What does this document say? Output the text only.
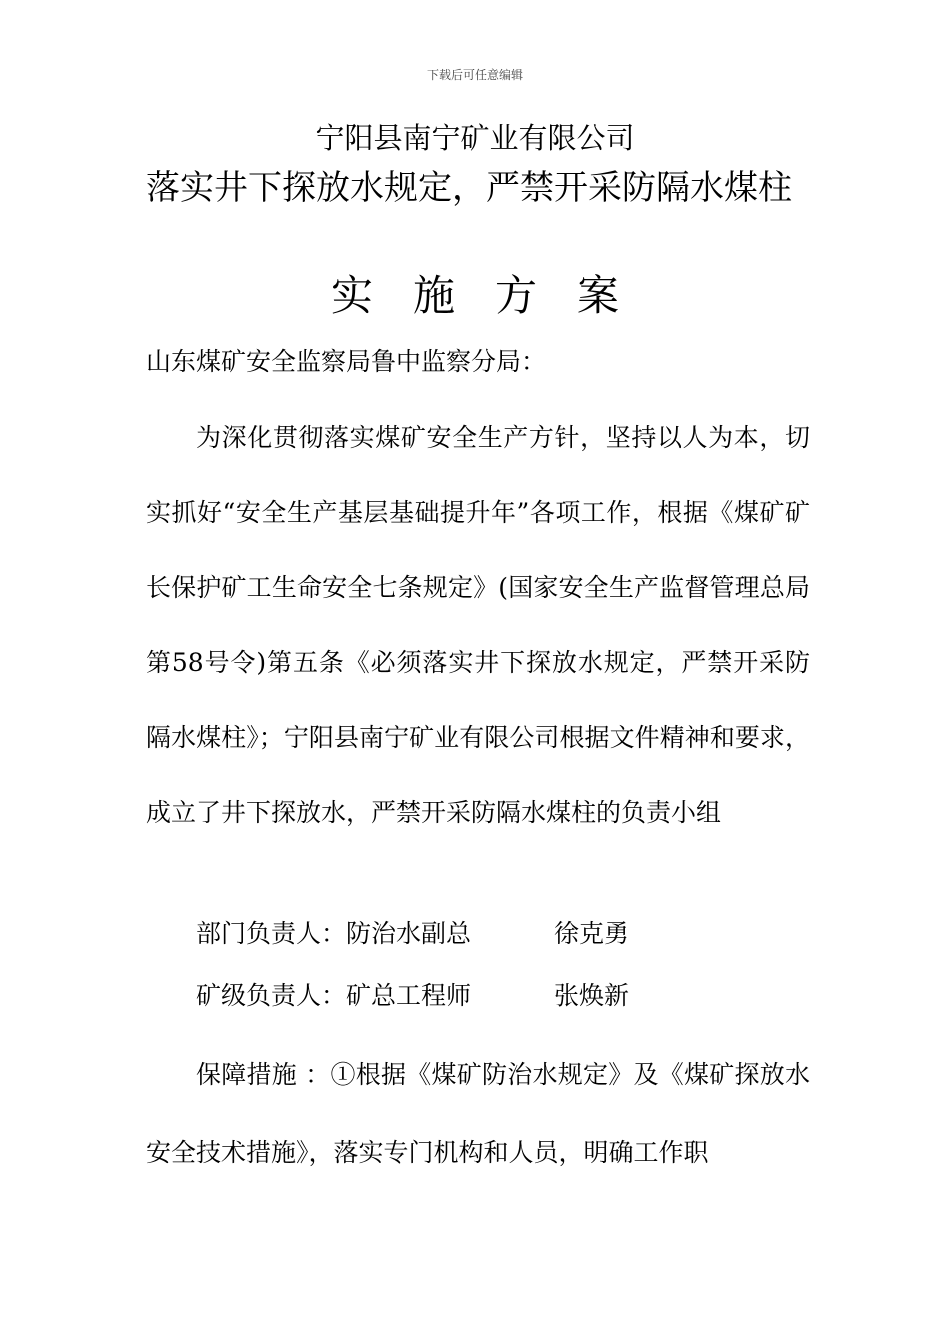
下载后可任意编辑
宁阳县南宁矿业有限公司
落实井下探放水规定，严禁开采防隔水煤柱
实施方案
山东煤矿安全监察局鲁中监察分局：
为深化贯彻落实煤矿安全生产方针，坚持以人为本，切实抓好“安全生产基层基础提升年”各项工作，根据《煤矿矿长保护矿工生命安全七条规定》(国家安全生产监督管理总局第58号令)第五条《必须落实井下探放水规定，严禁开采防隔水煤柱》；宁阳县南宁矿业有限公司根据文件精神和要求，成立了井下探放水，严禁开采防隔水煤柱的负责小组
部门负责人：防治水副总	徐克勇
矿级负责人：矿总工程师	张焕新
保障措施 ：①根据《煤矿防治水规定》及《煤矿探放水安全技术措施》，落实专门机构和人员，明确工作职
